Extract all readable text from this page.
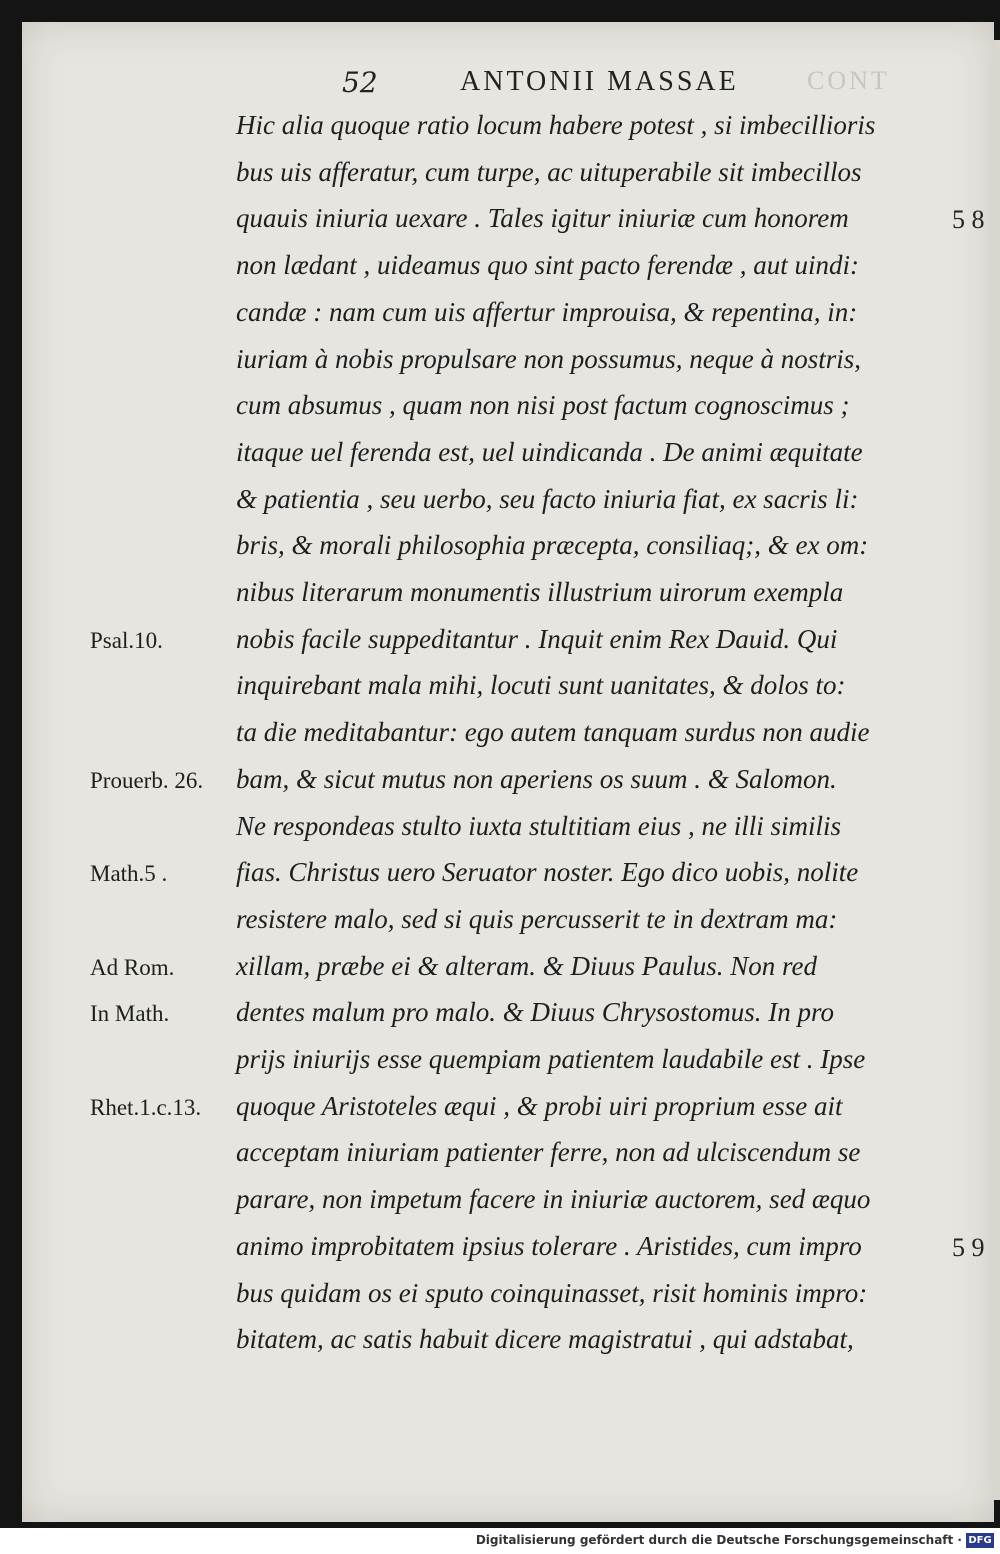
52	ANTONII MASSAE	CONT
Hic alia quoque ratio locum habere potest , si imbecillioris
bus uis afferatur, cum turpe, ac uituperabile sit imbecillos
quauis iniuria uexare . Tales igitur iniuriæ cum honorem
non lædant , uideamus quo sint pacto ferendæ , aut uindi:
candæ : nam cum uis affertur improuisa, & repentina, in:
iuriam à nobis propulsare non possumus, neque à nostris,
cum absumus , quam non nisi post factum cognoscimus ;
itaque uel ferenda est, uel uindicanda . De animi æquitate
& patientia , seu uerbo, seu facto iniuria fiat, ex sacris li:
bris, & morali philosophia præcepta, consiliaq;, & ex om:
nibus literarum monumentis illustrium uirorum exempla
nobis facile suppeditantur . Inquit enim Rex Dauid. Qui
inquirebant mala mihi, locuti sunt uanitates, & dolos to:
ta die meditabantur: ego autem tanquam surdus non audie
bam, & sicut mutus non aperiens os suum . & Salomon.
Ne respondeas stulto iuxta stultitiam eius , ne illi similis
fias. Christus uero Seruator noster. Ego dico uobis, nolite
resistere malo, sed si quis percusserit te in dextram ma:
xillam, præbe ei & alteram. & Diuus Paulus. Non red
dentes malum pro malo. & Diuus Chrysostomus. In pro
prijs iniurijs esse quempiam patientem laudabile est . Ipse
quoque Aristoteles æqui , & probi uiri proprium esse ait
acceptam iniuriam patienter ferre, non ad ulciscendum se
parare, non impetum facere in iniuriæ auctorem, sed æquo
animo improbitatem ipsius tolerare . Aristides, cum impro
bus quidam os ei sputo coinquinasset, risit hominis impro:
bitatem, ac satis habuit dicere magistratui , qui adstabat,
Psal.10.
Prouerb. 26.
Math.5 .
Ad Rom.
In Math.
Rhet.1.c.13.
5 8
5 9
Digitalisierung gefördert durch die Deutsche Forschungsgemeinschaft · DFG
